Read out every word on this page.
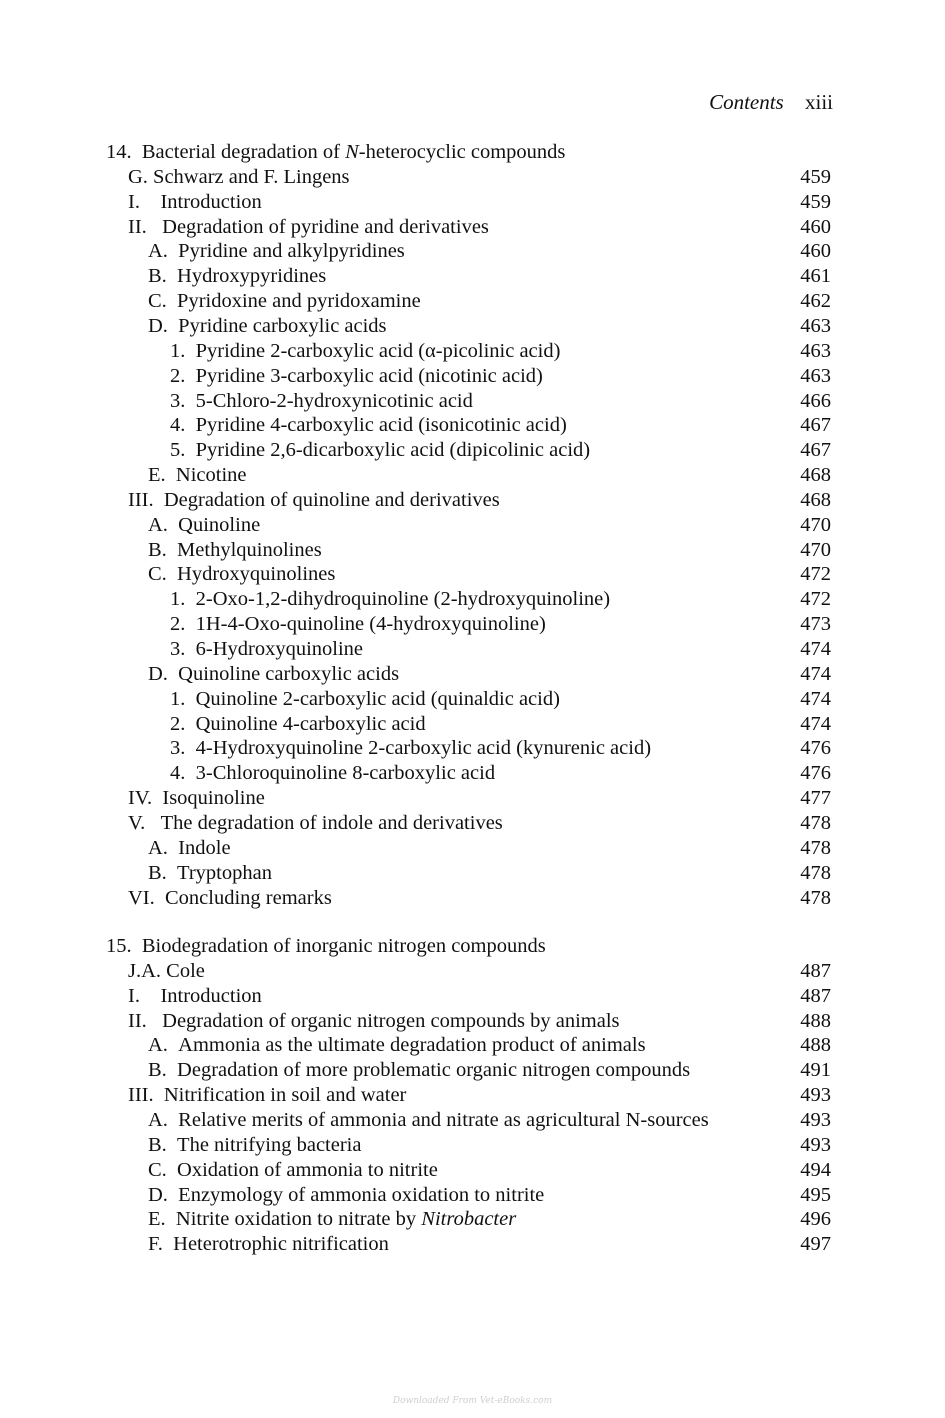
Contents xiii
14.  Bacterial degradation of N-heterocyclic compounds
G. Schwarz and F. Lingens	459
I.    Introduction	459
II.   Degradation of pyridine and derivatives	460
A.  Pyridine and alkylpyridines	460
B.  Hydroxypyridines	461
C.  Pyridoxine and pyridoxamine	462
D.  Pyridine carboxylic acids	463
1.  Pyridine 2-carboxylic acid (α-picolinic acid)	463
2.  Pyridine 3-carboxylic acid (nicotinic acid)	463
3.  5-Chloro-2-hydroxynicotinic acid	466
4.  Pyridine 4-carboxylic acid (isonicotinic acid)	467
5.  Pyridine 2,6-dicarboxylic acid (dipicolinic acid)	467
E.  Nicotine	468
III.  Degradation of quinoline and derivatives	468
A.  Quinoline	470
B.  Methylquinolines	470
C.  Hydroxyquinolines	472
1.  2-Oxo-1,2-dihydroquinoline (2-hydroxyquinoline)	472
2.  1H-4-Oxo-quinoline (4-hydroxyquinoline)	473
3.  6-Hydroxyquinoline	474
D.  Quinoline carboxylic acids	474
1.  Quinoline 2-carboxylic acid (quinaldic acid)	474
2.  Quinoline 4-carboxylic acid	474
3.  4-Hydroxyquinoline 2-carboxylic acid (kynurenic acid)	476
4.  3-Chloroquinoline 8-carboxylic acid	476
IV.  Isoquinoline	477
V.   The degradation of indole and derivatives	478
A.  Indole	478
B.  Tryptophan	478
VI.  Concluding remarks	478
15.  Biodegradation of inorganic nitrogen compounds
J.A. Cole	487
I.    Introduction	487
II.   Degradation of organic nitrogen compounds by animals	488
A.  Ammonia as the ultimate degradation product of animals	488
B.  Degradation of more problematic organic nitrogen compounds	491
III.  Nitrification in soil and water	493
A.  Relative merits of ammonia and nitrate as agricultural N-sources	493
B.  The nitrifying bacteria	493
C.  Oxidation of ammonia to nitrite	494
D.  Enzymology of ammonia oxidation to nitrite	495
E.  Nitrite oxidation to nitrate by Nitrobacter	496
F.  Heterotrophic nitrification	497
Downloaded From Vet-eBooks.com
